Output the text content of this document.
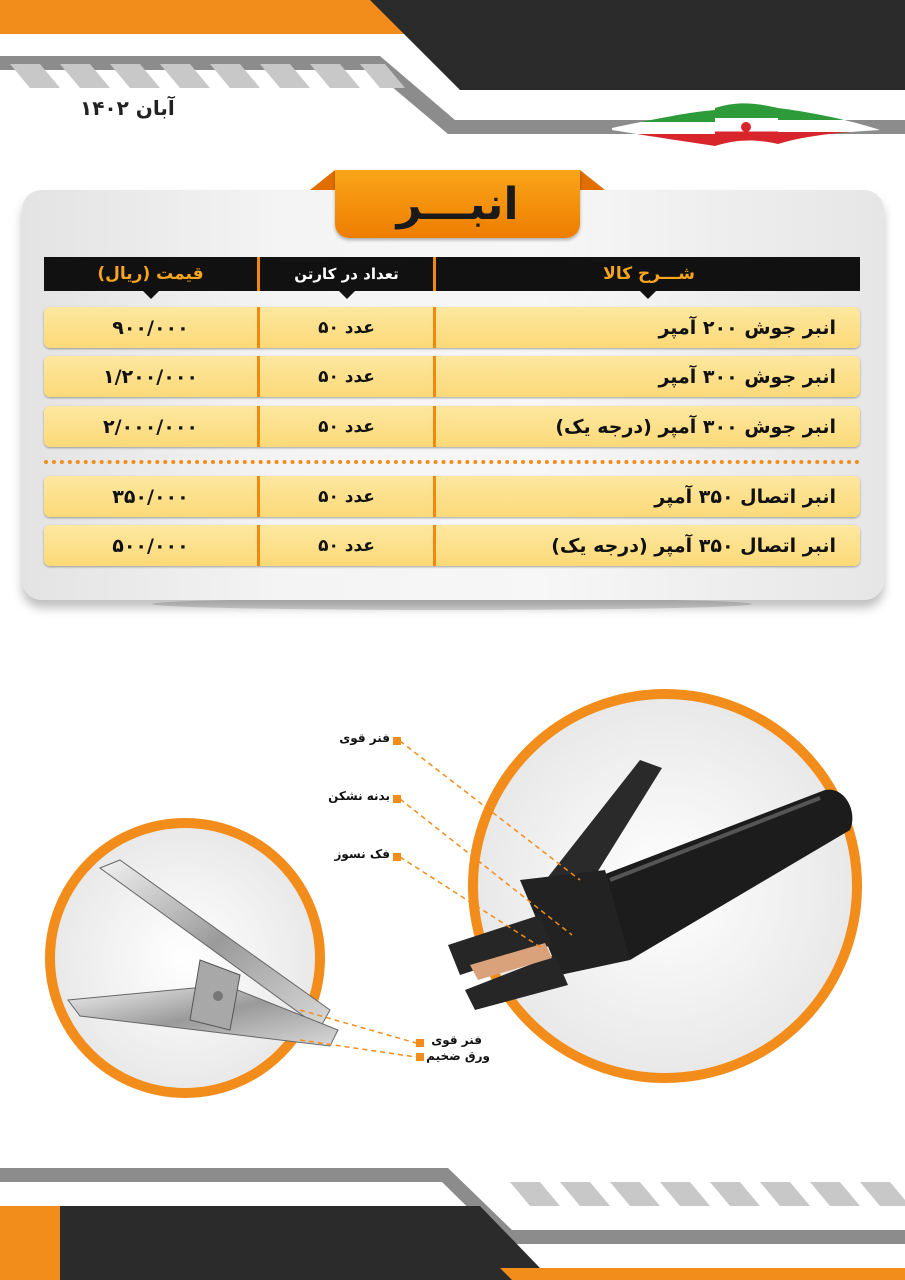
آبان ۱۴۰۲
انبـــر
قیمت (ریال)	تعداد در کارتن	شـــرح کالا
۹۰۰/۰۰۰	۵۰ عدد	انبر جوش ۲۰۰ آمپر
۱/۲۰۰/۰۰۰	۵۰ عدد	انبر جوش ۳۰۰ آمپر
۲/۰۰۰/۰۰۰	۵۰ عدد	انبر جوش ۳۰۰ آمپر (درجه یک)
۳۵۰/۰۰۰	۵۰ عدد	انبر اتصال ۳۵۰ آمپر
۵۰۰/۰۰۰	۵۰ عدد	انبر اتصال ۳۵۰ آمپر (درجه یک)
فنر قوی
بدنه نشکن
فک نسوز
فنر قوی
ورق ضخیم
